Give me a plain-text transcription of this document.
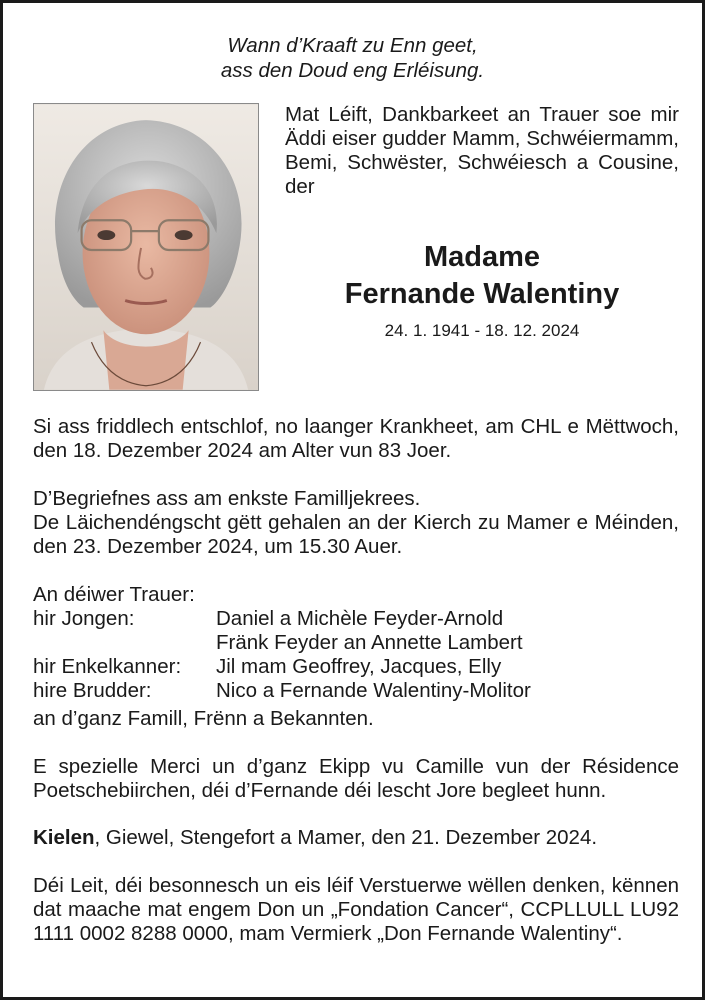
Wann d’Kraaft zu Enn geet,
ass den Doud eng Erléisung.

Mat Léift, Dankbarkeet an Trauer soe mir Äddi eiser gudder Mamm, Schwéiermamm, Bemi, Schwëster, Schwéiesch a Cousine, der

Madame
Fernande Walentiny
24. 1. 1941 - 18. 12. 2024

Si ass friddlech entschlof, no laanger Krankheet, am CHL e Mëttwoch, den 18. Dezember 2024 am Alter vun 83 Joer.

D’Begriefnes ass am enkste Familljekrees.

De Läichendéngscht gëtt gehalen an der Kierch zu Mamer e Méinden, den 23. Dezember 2024, um 15.30 Auer.

An déiwer Trauer:
hir Jongen:	Daniel a Michèle Feyder-Arnold
Fränk Feyder an Annette Lambert
hir Enkelkanner:	Jil mam Geoffrey, Jacques, Elly
hire Brudder:	Nico a Fernande Walentiny-Molitor
an d’ganz Famill, Frënn a Bekannten.

E spezielle Merci un d’ganz Ekipp vu Camille vun der Résidence Poetschebiirchen, déi d’Fernande déi lescht Jore begleet hunn.

Kielen, Giewel, Stengefort a Mamer, den 21. Dezember 2024.

Déi Leit, déi besonnesch un eis léif Verstuerwe wëllen denken, kënnen dat maache mat engem Don un „Fondation Cancer“, CCPLLULL LU92 1111 0002 8288 0000, mam Vermierk „Don Fernande Walentiny“.
